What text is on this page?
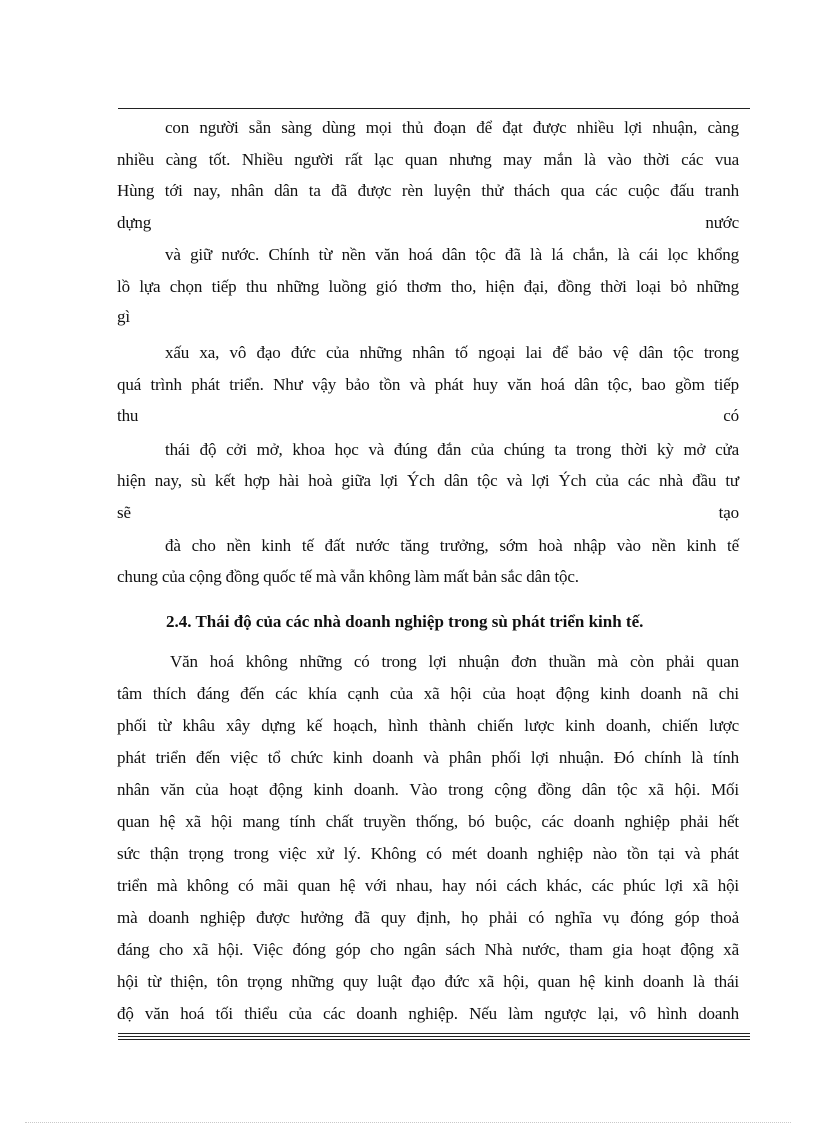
con người sẵn sàng dùng mọi thủ đoạn để đạt được nhiều lợi nhuận, càng
nhiều càng tốt. Nhiều người rất lạc quan nhưng may mắn là vào thời các vua
Hùng tới nay, nhân dân ta đã được rèn luyện thử thách qua các cuộc đấu tranh
dựng nước
và giữ nước. Chính từ nền văn hoá dân tộc đã là lá chắn, là cái lọc khổng
lồ lựa chọn tiếp thu những luồng gió thơm tho, hiện đại, đồng thời loại bỏ những
gì
xấu xa, vô đạo đức của những nhân tố ngoại lai để bảo vệ dân tộc trong
quá trình phát triển. Như vậy bảo tồn và phát huy văn hoá dân tộc, bao gồm tiếp
thu có
thái độ cởi mở, khoa học và đúng đắn của chúng ta trong thời kỳ mở cửa
hiện nay, sù kết hợp hài hoà giữa lợi Ých dân tộc và lợi Ých của các nhà đầu tư
sẽ tạo
đà cho nền kinh tế đất nước tăng trưởng, sớm hoà nhập vào nền kinh tế
chung của cộng đồng quốc tế mà vẫn không làm mất bản sắc dân tộc.
2.4. Thái độ của các nhà doanh nghiệp trong sù phát triển kinh tế.
Văn hoá không những có trong lợi nhuận đơn thuần mà còn phải quan
tâm thích đáng đến các khía cạnh của xã hội của hoạt động kinh doanh nã chi
phối từ khâu xây dựng kế hoạch, hình thành chiến lược kinh doanh, chiến lược
phát triển đến việc tổ chức kinh doanh và phân phối lợi nhuận. Đó chính là tính
nhân văn của hoạt động kinh doanh. Vào trong cộng đồng dân tộc xã hội. Mối
quan hệ xã hội mang tính chất truyền thống, bó buộc, các doanh nghiệp phải hết
sức thận trọng trong việc xử lý. Không có mét doanh nghiệp nào tồn tại và phát
triển mà không có mãi quan hệ với nhau, hay nói cách khác, các phúc lợi xã hội
mà doanh nghiệp được hưởng đã quy định, họ phải có nghĩa vụ đóng góp thoả
đáng cho xã hội. Việc đóng góp cho ngân sách Nhà nước, tham gia hoạt động xã
hội từ thiện, tôn trọng những quy luật đạo đức xã hội, quan hệ kinh doanh là thái
độ văn hoá tối thiểu của các doanh nghiệp. Nếu làm ngược lại, vô hình doanh
